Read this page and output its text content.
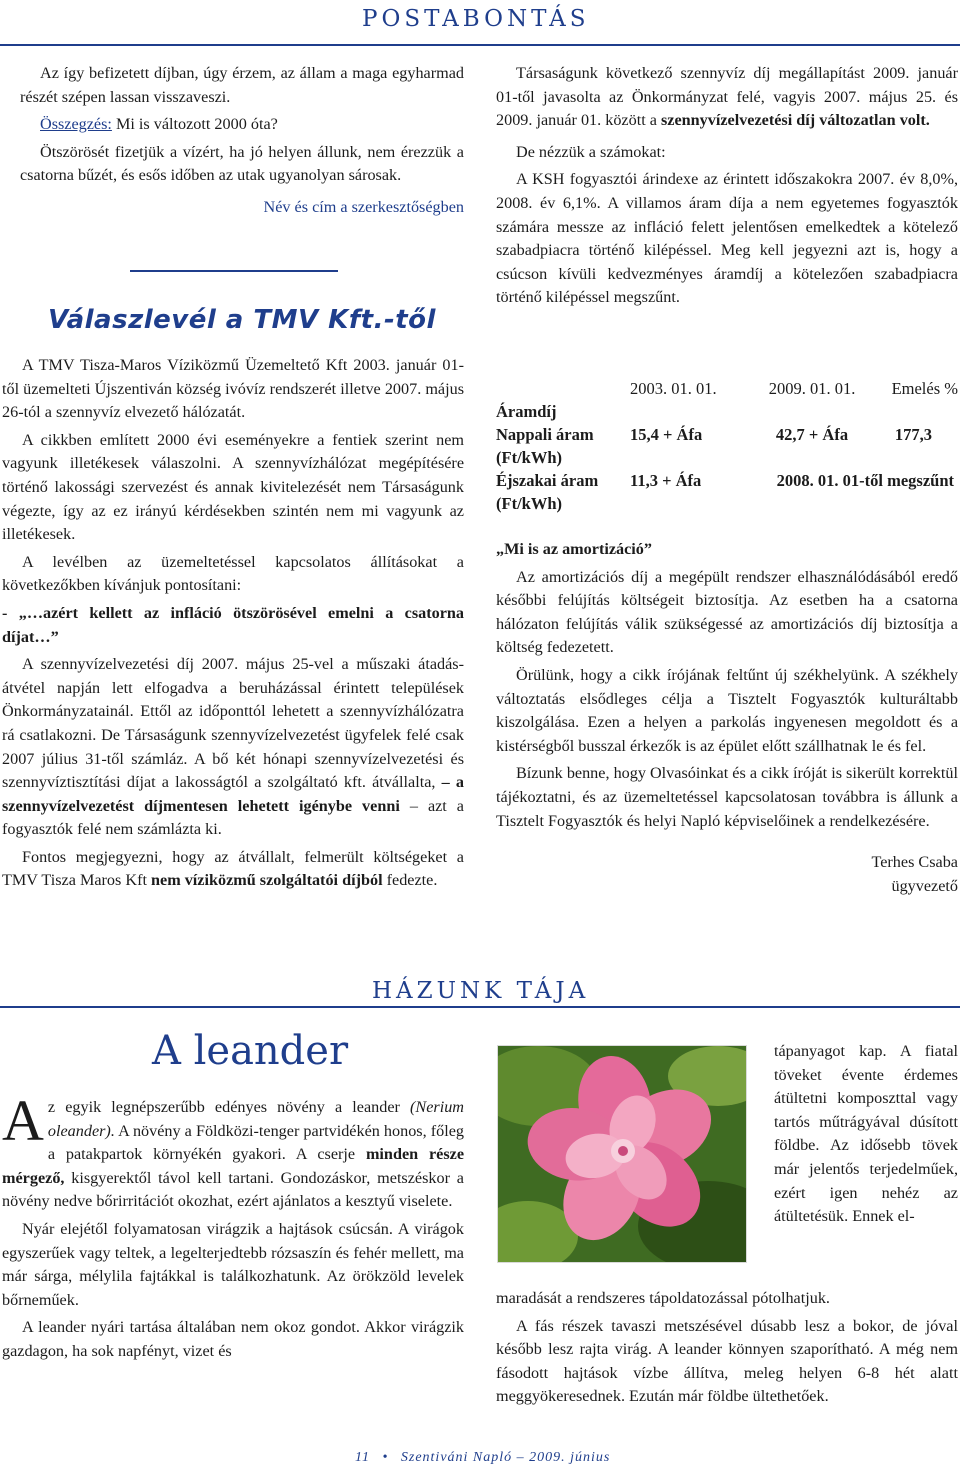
POSTABONTÁS

Az így befizetett díjban, úgy érzem, az állam a maga egyharmad részét szépen lassan visszaveszi.

Összegzés: Mi is változott 2000 óta?

Ötszörösét fizetjük a vízért, ha jó helyen állunk, nem érezzük a csatorna bűzét, és esős időben az utak ugyanolyan sárosak.

Név és cím a szerkesztőségben

Válaszlevél a TMV Kft.-től

A TMV Tisza-Maros Víziközmű Üzemeltető Kft 2003. január 01-től üzemelteti Újszentiván község ivóvíz rendszerét illetve 2007. május 26-tól a szennyvíz elvezető hálózatát.

A cikkben említett 2000 évi eseményekre a fentiek szerint nem vagyunk illetékesek válaszolni. A szennyvízhálózat megépítésére történő lakossági szervezést és annak kivitelezését nem Társaságunk végezte, így az ez irányú kérdésekben szintén nem mi vagyunk az illetékesek.

A levélben az üzemeltetéssel kapcsolatos állításokat a következőkben kívánjuk pontosítani:

- „…azért kellett az infláció ötszörösével emelni a csatorna díjat…”

A szennyvízelvezetési díj 2007. május 25-vel a műszaki átadás-átvétel napján lett elfogadva a beruházással érintett települések Önkormányzatainál. Ettől az időponttól lehetett a szennyvízhálózatra rá csatlakozni. De Társaságunk szennyvízelvezetést ügyfelek felé csak 2007 július 31-től számláz. A bő két hónapi szennyvízelvezetési és szennyvíztisztítási díjat a lakosságtól a szolgáltató kft. átvállalta, – a szennyvízelvezetést díjmentesen lehetett igénybe venni – azt a fogyasztók felé nem számlázta ki.

Fontos megjegyezni, hogy az átvállalt, felmerült költségeket a TMV Tisza Maros Kft nem víziközmű szolgáltatói díjból fedezte.

Társaságunk következő szennyvíz díj megállapítást 2009. január 01-től javasolta az Önkormányzat felé, vagyis 2007. május 25. és 2009. január 01. között a szennyvízelvezetési díj változatlan volt.

De nézzük a számokat:

A KSH fogyasztói árindexe az érintett időszakokra 2007. év 8,0%, 2008. év 6,1%. A villamos áram díja a nem egyetemes fogyasztók számára messze az infláció felett jelentősen emelkedtek a kötelező szabadpiacra történő kilépéssel. Meg kell jegyezni azt is, hogy a csúcson kívüli kedvezményes áramdíj a kötelezően szabadpiacra történő kilépéssel megszűnt.

	2003. 01. 01.	2009. 01. 01.	Emelés %
Áramdíj			
Nappali áram
(Ft/kWh)	15,4 + Áfa	42,7 + Áfa	177,3
Éjszakai áram
(Ft/kWh)	11,3 + Áfa	2008. 01. 01-től megszűnt	

„Mi is az amortizáció”

Az amortizációs díj a megépült rendszer elhasználódásából eredő későbbi felújítás költségeit biztosítja. Az esetben ha a csatorna hálózaton felújítás válik szükségessé az amortizációs díj biztosítja a költség fedezetett.

Örülünk, hogy a cikk írójának feltűnt új székhelyünk. A székhely változtatás elsődleges célja a Tisztelt Fogyasztók kulturáltabb kiszolgálása. Ezen a helyen a parkolás ingyenesen megoldott és a kistérségből busszal érkezők is az épület előtt szállhatnak le és fel.

Bízunk benne, hogy Olvasóinkat és a cikk íróját is sikerült korrektül tájékoztatni, és az üzemeltetéssel kapcsolatosan továbbra is állunk a Tisztelt Fogyasztók és helyi Napló képviselőinek a rendelkezésére.

Terhes Csaba

ügyvezető

HÁZUNK TÁJA
A leander

Az egyik legnépszerűbb edényes növény a leander (Nerium oleander). A növény a Földközi-tenger partvidékén honos, főleg a patakpartok környékén gyakori. A cserje minden része mérgező, kisgyerektől távol kell tartani. Gondozáskor, metszéskor a növény nedve bőrirritációt okozhat, ezért ajánlatos a kesztyű viselete.

Nyár elejétől folyamatosan virágzik a hajtások csúcsán. A virágok egyszerűek vagy teltek, a legelterjedtebb rózsaszín és fehér mellett, ma már sárga, mélylila fajtákkal is találkozhatunk. Az örökzöld levelek bőrneműek.

A leander nyári tartása általában nem okoz gondot. Akkor virágzik gazdagon, ha sok napfényt, vizet és

tápanyagot kap. A fiatal töveket évente érdemes átültetni komposzttal vagy tartós műtrágyával dúsított földbe. Az idősebb tövek már jelentős terjedelműek, ezért igen nehéz az átültetésük. Ennek el-

maradását a rendszeres tápoldatozással pótolhatjuk.

A fás részek tavaszi metszésével dúsabb lesz a bokor, de jóval később lesz rajta virág. A leander könnyen szaporítható. A még nem fásodott hajtások vízbe állítva, meleg helyen 6-8 hét alatt meggyökeresednek. Ezután már földbe ültethetőek.

11 • Szentiváni Napló – 2009. június
